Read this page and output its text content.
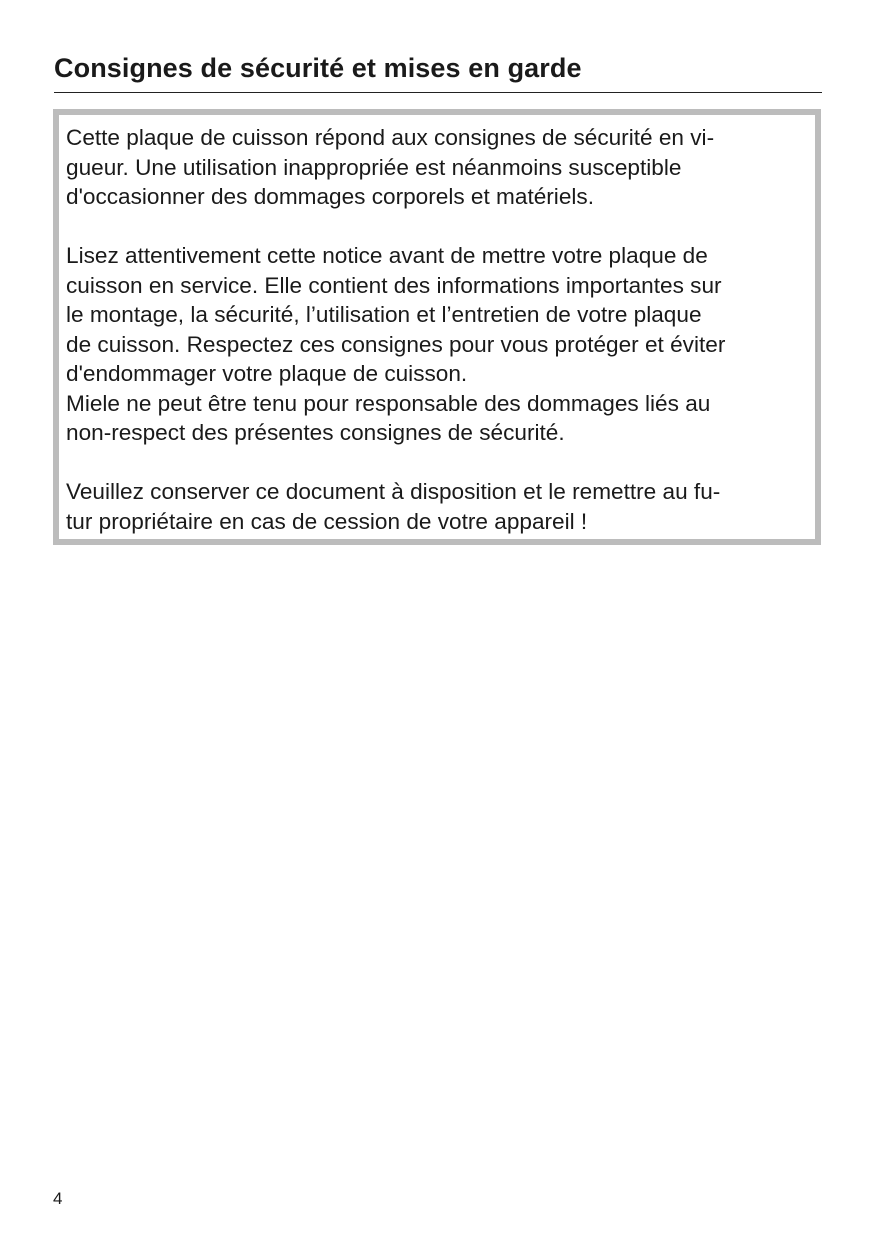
Consignes de sécurité et mises en garde

Cette plaque de cuisson répond aux consignes de sécurité en vi-
gueur. Une utilisation inappropriée est néanmoins susceptible
d'occasionner des dommages corporels et matériels.

Lisez attentivement cette notice avant de mettre votre plaque de
cuisson en service. Elle contient des informations importantes sur
le montage, la sécurité, l’utilisation et l’entretien de votre plaque
de cuisson. Respectez ces consignes pour vous protéger et éviter
d'endommager votre plaque de cuisson.
Miele ne peut être tenu pour responsable des dommages liés au
non-respect des présentes consignes de sécurité.

Veuillez conserver ce document à disposition et le remettre au fu-
tur propriétaire en cas de cession de votre appareil !

4
